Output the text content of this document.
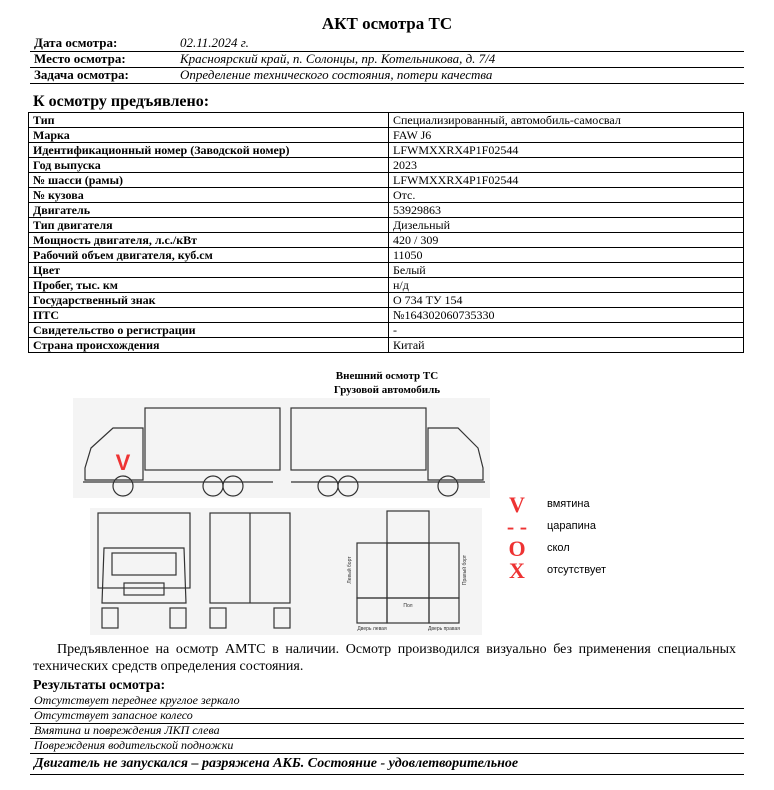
АКТ осмотра ТС
Дата осмотра:	02.11.2024 г.
Место осмотра:	Красноярский край, п. Солонцы, пр. Котельникова, д. 7/4
Задача осмотра:	Определение технического состояния, потери качества
К осмотру предъявлено:
Тип	Специализированный, автомобиль-самосвал
Марка	FAW J6
Идентификационный номер (Заводской номер)	LFWMXXRX4P1F02544
Год выпуска	2023
№ шасси (рамы)	LFWMXXRX4P1F02544
№ кузова	Отс.
Двигатель	53929863
Тип двигателя	Дизельный
Мощность двигателя, л.с./кВт	420 / 309
Рабочий объем двигателя, куб.см	11050
Цвет	Белый
Пробег, тыс. км	н/д
Государственный знак	О 734 ТУ 154
ПТС	№164302060735330
Свидетельство о регистрации	-
Страна происхождения	Китай
Внешний осмотр ТС
Грузовой автомобиль
V
Левый борт	Правый борт
Пол
Дверь левая	Дверь правая
V	вмятина
- - царапина
O	скол
X	отсутствует
Предъявленное на осмотр АМТС в наличии. Осмотр производился визуально без применения специальных технических средств определения состояния.
Результаты осмотра:
Отсутствует переднее круглое зеркало
Отсутствует запасное колесо
Вмятина и повреждения ЛКП слева
Повреждения водительской подножки
Двигатель не запускался – разряжена АКБ. Состояние - удовлетворительное
